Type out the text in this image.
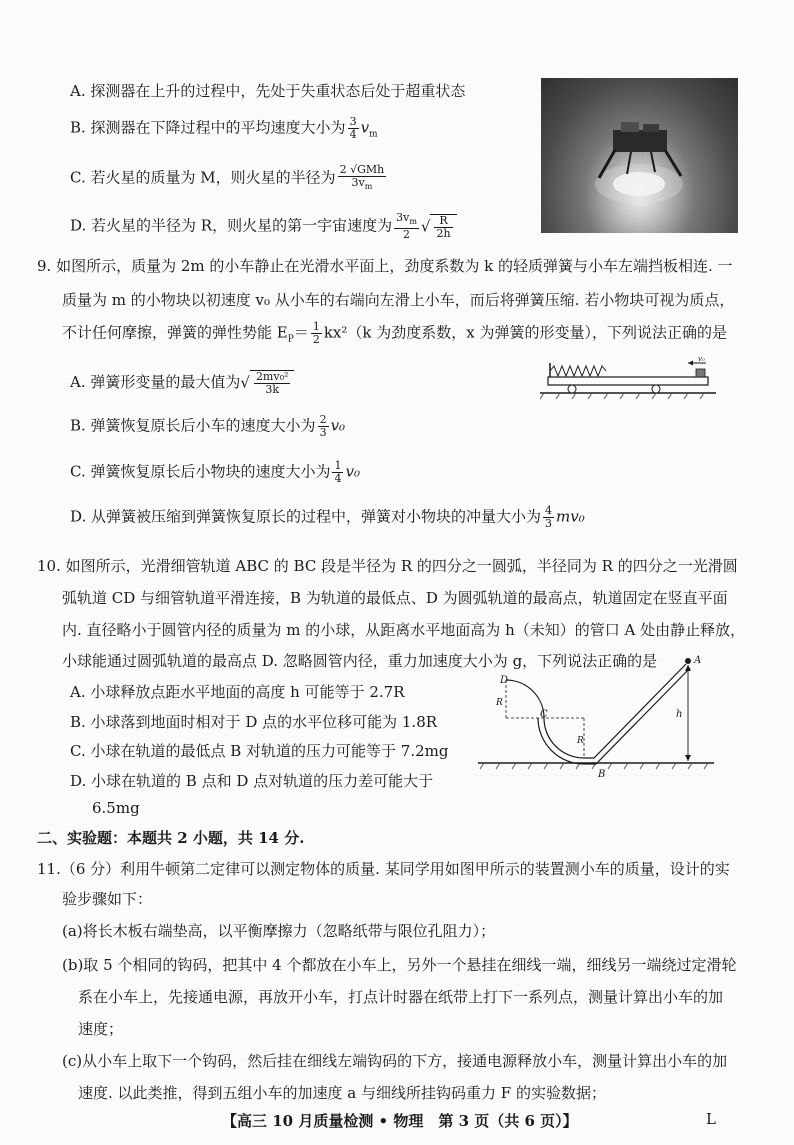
A. 探测器在上升的过程中，先处于失重状态后处于超重状态
B. 探测器在下降过程中的平均速度大小为 $\frac{3}{4} v_m$
C. 若火星的质量为 M，则火星的半径为 $\frac{\text{2 √GMh}}{3v_m}$
D. 若火星的半径为 R，则火星的第一宇宙速度为 $\frac{3v_m}{2}$ √ $\frac{R}{2h}$
9. 如图所示，质量为 2m 的小车静止在光滑水平面上，劲度系数为 k 的轻质弹簧与小车左端挡板相连. 一
质量为 m 的小物块以初速度 v₀ 从小车的右端向左滑上小车，而后将弹簧压缩. 若小物块可视为质点，
不计任何摩擦，弹簧的弹性势能 $E_P= \frac{1}{2} kx^2(k$ 为劲度系数，x 为弹簧的形变量），下列说法正确的是
A. 弹簧形变量的最大值为√ $\frac{\text{2mv₀²}}{3k}$
B. 弹簧恢复原长后小车的速度大小为 $\frac{2}{3} v_0$
C. 弹簧恢复原长后小物块的速度大小为 $\frac{1}{4} v_0$
D. 从弹簧被压缩到弹簧恢复原长的过程中，弹簧对小物块的冲量大小为 $\frac{4}{3} mv_0$
v₀
10. 如图所示，光滑细管轨道 ABC 的 BC 段是半径为 R 的四分之一圆弧，半径同为 R 的四分之一光滑圆
弧轨道 CD 与细管轨道平滑连接，B 为轨道的最低点、D 为圆弧轨道的最高点，轨道固定在竖直平面
内. 直径略小于圆管内径的质量为 m 的小球，从距离水平地面高为 h（未知）的管口 A 处由静止释放，
小球能通过圆弧轨道的最高点 D. 忽略圆管内径，重力加速度大小为 g，下列说法正确的是
A. 小球释放点距水平地面的高度 h 可能等于 2.7R
B. 小球落到地面时相对于 D 点的水平位移可能为 1.8R
C. 小球在轨道的最低点 B 对轨道的压力可能等于 7.2mg
D. 小球在轨道的 B 点和 D 点对轨道的压力差可能大于
6.5mg
A
B
C
D
R
R
h
二、实验题：本题共 2 小题，共 14 分.
11.（6 分）利用牛顿第二定律可以测定物体的质量. 某同学用如图甲所示的装置测小车的质量，设计的实
验步骤如下：
(a)将长木板右端垫高，以平衡摩擦力（忽略纸带与限位孔阻力）；
(b)取 5 个相同的钩码，把其中 4 个都放在小车上，另外一个悬挂在细线一端，细线另一端绕过定滑轮
系在小车上，先接通电源，再放开小车，打点计时器在纸带上打下一系列点，测量计算出小车的加
速度；
(c)从小车上取下一个钩码，然后挂在细线左端钩码的下方，接通电源释放小车，测量计算出小车的加
速度. 以此类推，得到五组小车的加速度 a 与细线所挂钩码重力 F 的实验数据；
【高三 10 月质量检测 • 物理　第 3 页（共 6 页）】	L
